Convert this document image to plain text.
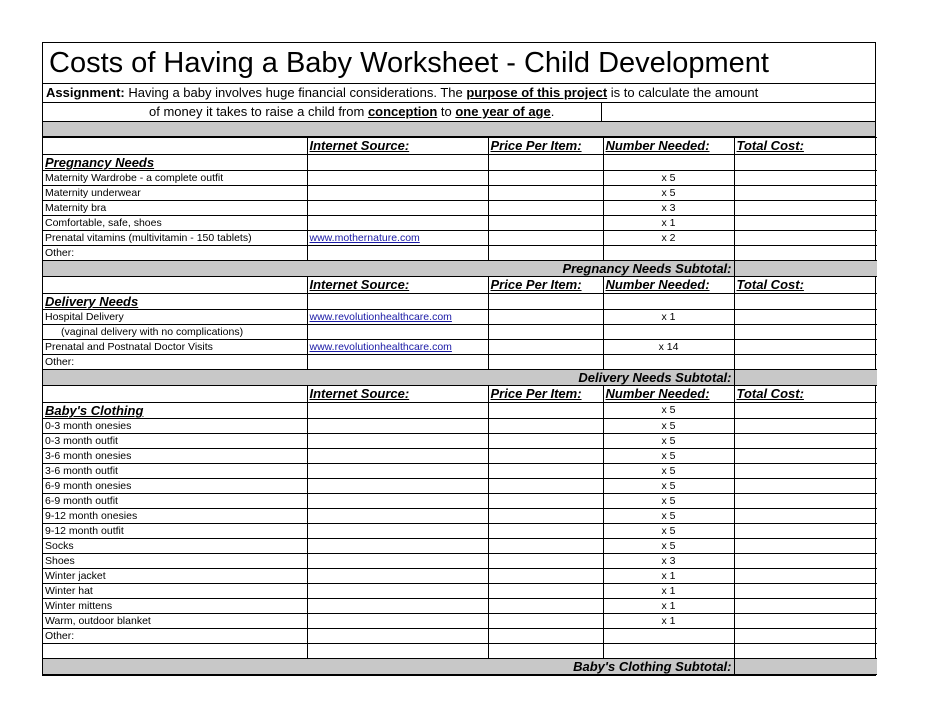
Costs of Having a Baby Worksheet - Child Development
Assignment: Having a baby involves huge financial considerations. The purpose of this project is to calculate the amount
of money it takes to raise a child from conception to one year of age.
	Internet Source:	Price Per Item:	Number Needed:	Total Cost:
Pregnancy Needs				
Maternity Wardrobe - a complete outfit			x 5	
Maternity underwear			x 5	
Maternity bra			x 3	
Comfortable, safe, shoes			x 1	
Prenatal vitamins (multivitamin - 150 tablets)	www.mothernature.com		x 2	
Other:				
Pregnancy Needs Subtotal:				
	Internet Source:	Price Per Item:	Number Needed:	Total Cost:
Delivery Needs				
Hospital Delivery	www.revolutionhealthcare.com		x 1	
(vaginal delivery with no complications)				
Prenatal and Postnatal Doctor Visits	www.revolutionhealthcare.com		x 14	
Other:				
Delivery Needs Subtotal:				
	Internet Source:	Price Per Item:	Number Needed:	Total Cost:
Baby's Clothing			x 5	
0-3 month onesies			x 5	
0-3 month outfit			x 5	
3-6 month onesies			x 5	
3-6 month outfit			x 5	
6-9 month onesies			x 5	
6-9 month outfit			x 5	
9-12 month onesies			x 5	
9-12 month outfit			x 5	
Socks			x 5	
Shoes			x 3	
Winter jacket			x 1	
Winter hat			x 1	
Winter mittens			x 1	
Warm, outdoor blanket			x 1	
Other:				

Baby's Clothing Subtotal:				
